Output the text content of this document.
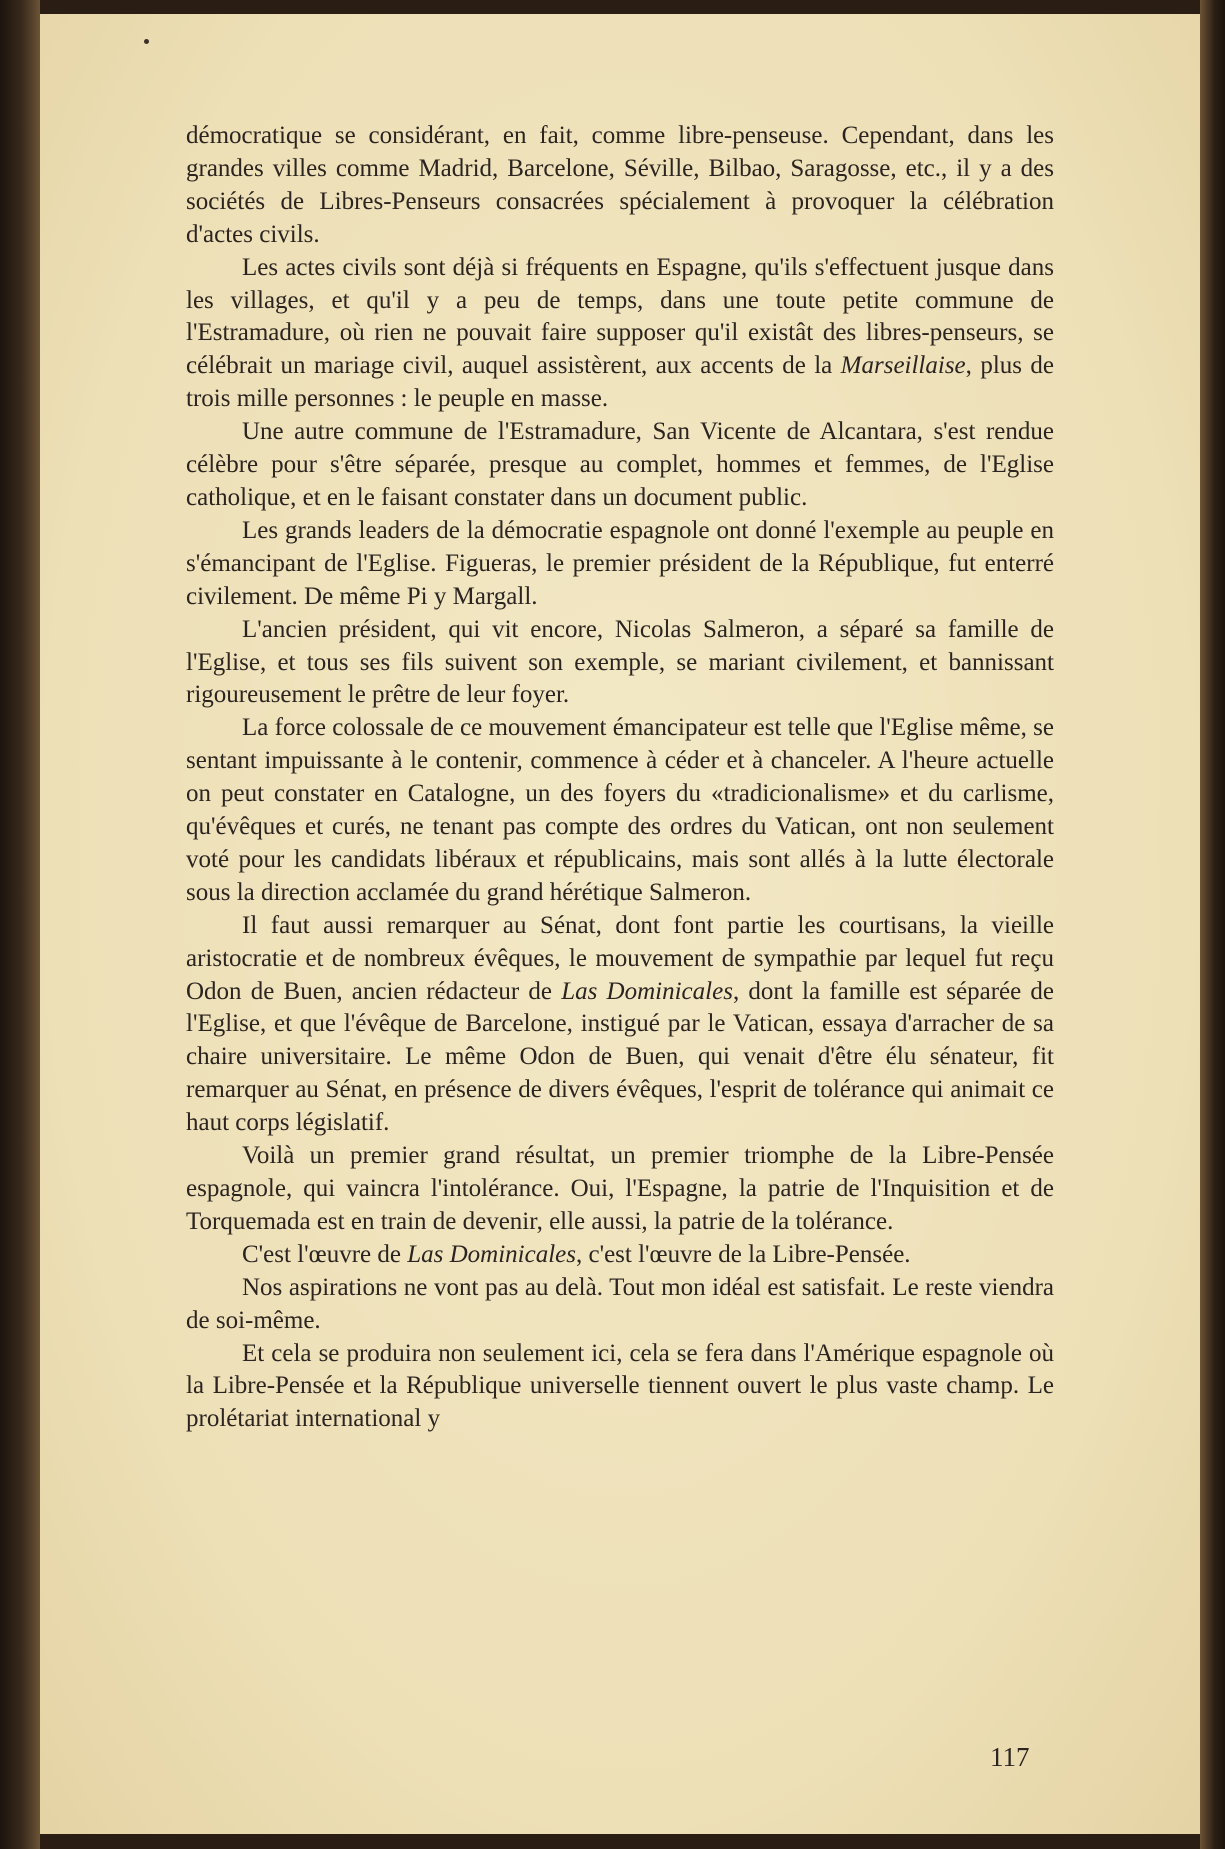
démocratique se considérant, en fait, comme libre-penseuse. Cependant, dans les grandes villes comme Madrid, Barcelone, Séville, Bilbao, Saragosse, etc., il y a des sociétés de Libres-Penseurs consacrées spécialement à provoquer la célébration d'actes civils.

Les actes civils sont déjà si fréquents en Espagne, qu'ils s'effectuent jusque dans les villages, et qu'il y a peu de temps, dans une toute petite commune de l'Estramadure, où rien ne pouvait faire supposer qu'il existât des libres-penseurs, se célébrait un mariage civil, auquel assistèrent, aux accents de la Marseillaise, plus de trois mille personnes : le peuple en masse.

Une autre commune de l'Estramadure, San Vicente de Alcantara, s'est rendue célèbre pour s'être séparée, presque au complet, hommes et femmes, de l'Eglise catholique, et en le faisant constater dans un document public.

Les grands leaders de la démocratie espagnole ont donné l'exemple au peuple en s'émancipant de l'Eglise. Figueras, le premier président de la République, fut enterré civilement. De même Pi y Margall.

L'ancien président, qui vit encore, Nicolas Salmeron, a séparé sa famille de l'Eglise, et tous ses fils suivent son exemple, se mariant civilement, et bannissant rigoureusement le prêtre de leur foyer.

La force colossale de ce mouvement émancipateur est telle que l'Eglise même, se sentant impuissante à le contenir, commence à céder et à chanceler. A l'heure actuelle on peut constater en Catalogne, un des foyers du «tradicionalisme» et du carlisme, qu'évêques et curés, ne tenant pas compte des ordres du Vatican, ont non seulement voté pour les candidats libéraux et républicains, mais sont allés à la lutte électorale sous la direction acclamée du grand hérétique Salmeron.

Il faut aussi remarquer au Sénat, dont font partie les courtisans, la vieille aristocratie et de nombreux évêques, le mouvement de sympathie par lequel fut reçu Odon de Buen, ancien rédacteur de Las Dominicales, dont la famille est séparée de l'Eglise, et que l'évêque de Barcelone, instigué par le Vatican, essaya d'arracher de sa chaire universitaire. Le même Odon de Buen, qui venait d'être élu sénateur, fit remarquer au Sénat, en présence de divers évêques, l'esprit de tolérance qui animait ce haut corps législatif.

Voilà un premier grand résultat, un premier triomphe de la Libre-Pensée espagnole, qui vaincra l'intolérance. Oui, l'Espagne, la patrie de l'Inquisition et de Torquemada est en train de devenir, elle aussi, la patrie de la tolérance.

C'est l'œuvre de Las Dominicales, c'est l'œuvre de la Libre-Pensée.

Nos aspirations ne vont pas au delà. Tout mon idéal est satisfait. Le reste viendra de soi-même.

Et cela se produira non seulement ici, cela se fera dans l'Amérique espagnole où la Libre-Pensée et la République universelle tiennent ouvert le plus vaste champ. Le prolétariat international y

117
